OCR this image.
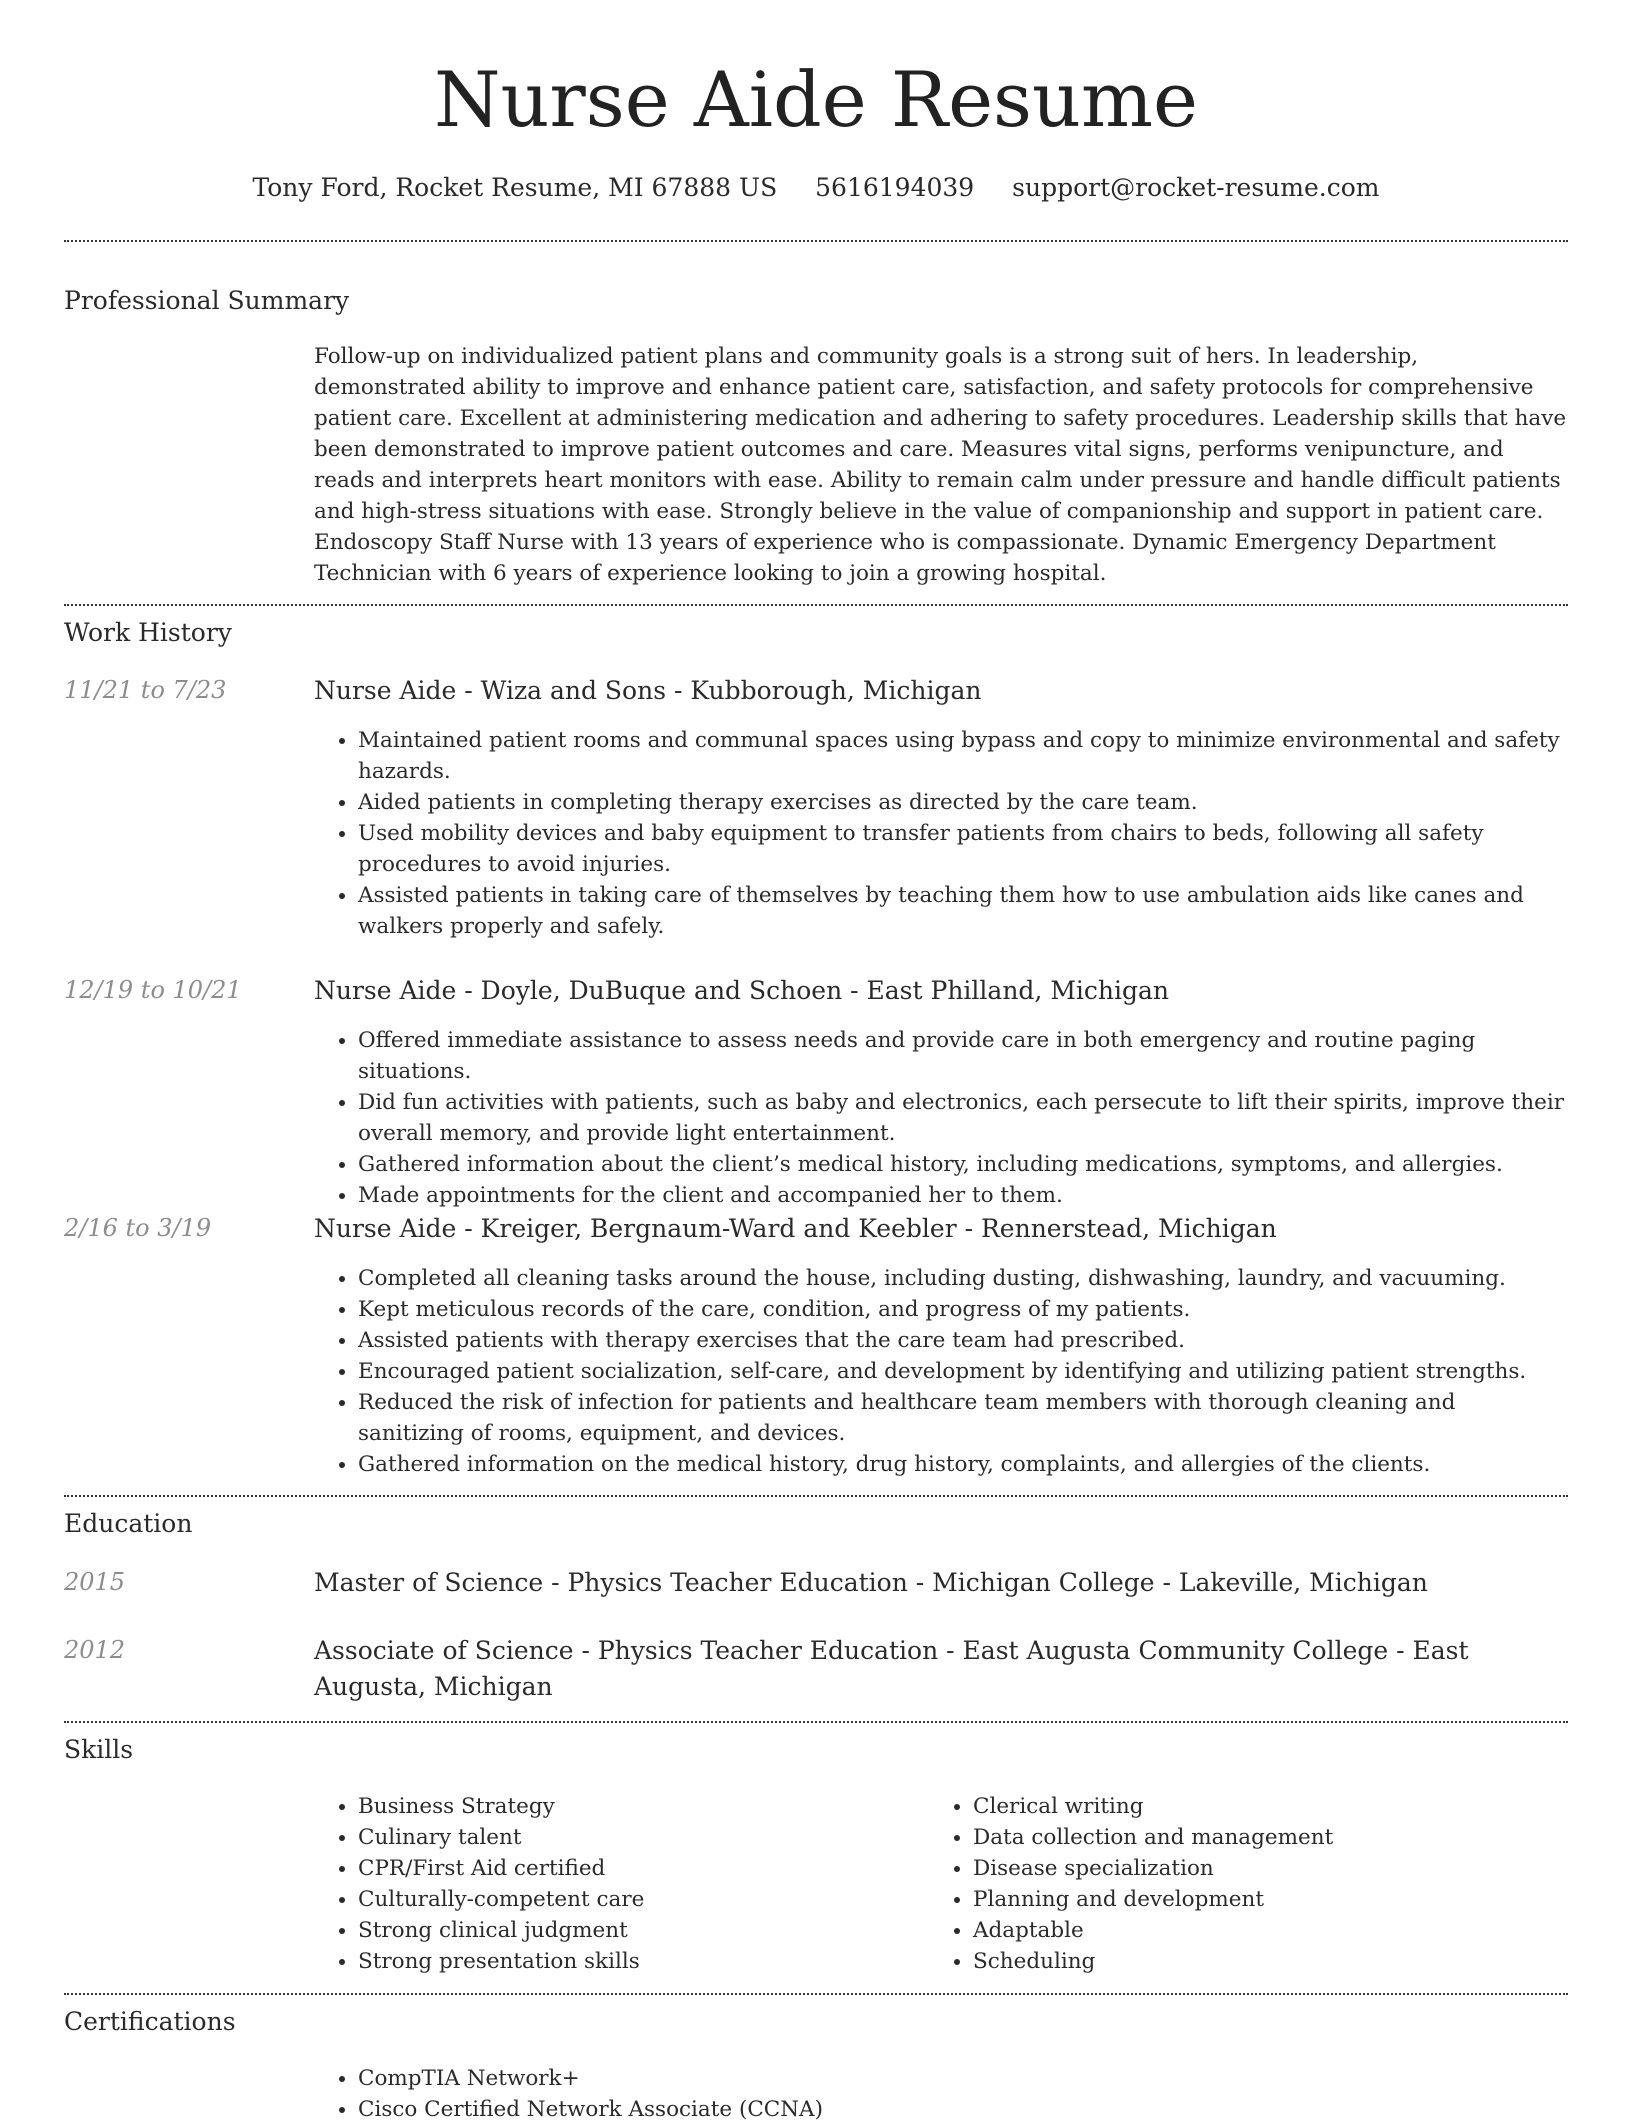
Nurse Aide Resume
Tony Ford, Rocket Resume, MI 67888 US 5616194039 support@rocket-resume.com
Professional Summary
Follow-up on individualized patient plans and community goals is a strong suit of hers. In leadership, demonstrated ability to improve and enhance patient care, satisfaction, and safety protocols for comprehensive patient care. Excellent at administering medication and adhering to safety procedures. Leadership skills that have been demonstrated to improve patient outcomes and care. Measures vital signs, performs venipuncture, and reads and interprets heart monitors with ease. Ability to remain calm under pressure and handle difficult patients and high-stress situations with ease. Strongly believe in the value of companionship and support in patient care. Endoscopy Staff Nurse with 13 years of experience who is compassionate. Dynamic Emergency Department Technician with 6 years of experience looking to join a growing hospital.
Work History
11/21 to 7/23	Nurse Aide - Wiza and Sons - Kubborough, Michigan
• Maintained patient rooms and communal spaces using bypass and copy to minimize environmental and safety hazards.
• Aided patients in completing therapy exercises as directed by the care team.
• Used mobility devices and baby equipment to transfer patients from chairs to beds, following all safety procedures to avoid injuries.
• Assisted patients in taking care of themselves by teaching them how to use ambulation aids like canes and walkers properly and safely.
12/19 to 10/21	Nurse Aide - Doyle, DuBuque and Schoen - East Philland, Michigan
• Offered immediate assistance to assess needs and provide care in both emergency and routine paging situations.
• Did fun activities with patients, such as baby and electronics, each persecute to lift their spirits, improve their overall memory, and provide light entertainment.
• Gathered information about the client’s medical history, including medications, symptoms, and allergies.
• Made appointments for the client and accompanied her to them.
2/16 to 3/19	Nurse Aide - Kreiger, Bergnaum-Ward and Keebler - Rennerstead, Michigan
• Completed all cleaning tasks around the house, including dusting, dishwashing, laundry, and vacuuming.
• Kept meticulous records of the care, condition, and progress of my patients.
• Assisted patients with therapy exercises that the care team had prescribed.
• Encouraged patient socialization, self-care, and development by identifying and utilizing patient strengths.
• Reduced the risk of infection for patients and healthcare team members with thorough cleaning and sanitizing of rooms, equipment, and devices.
• Gathered information on the medical history, drug history, complaints, and allergies of the clients.
Education
2015	Master of Science - Physics Teacher Education - Michigan College - Lakeville, Michigan
2012	Associate of Science - Physics Teacher Education - East Augusta Community College - East Augusta, Michigan
Skills
• Business Strategy
• Culinary talent
• CPR/First Aid certified
• Culturally-competent care
• Strong clinical judgment
• Strong presentation skills
• Clerical writing
• Data collection and management
• Disease specialization
• Planning and development
• Adaptable
• Scheduling
Certifications
• CompTIA Network+
• Cisco Certified Network Associate (CCNA)
